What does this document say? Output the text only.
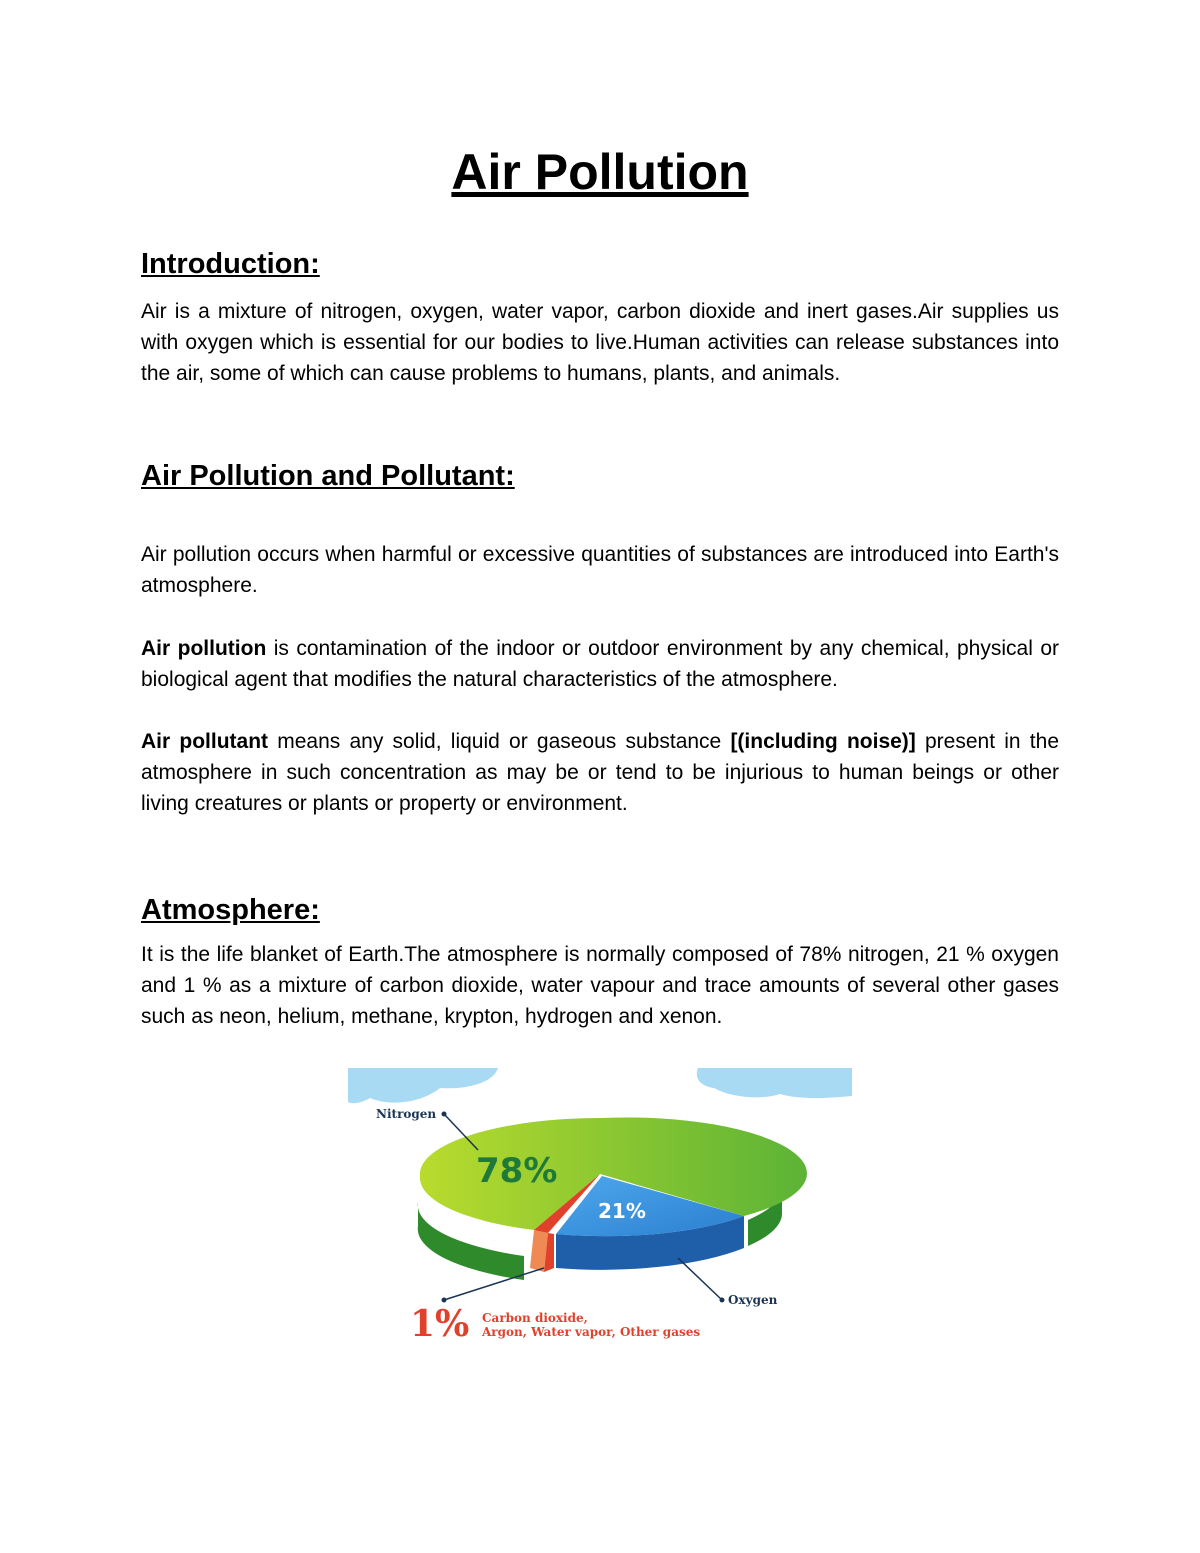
Air Pollution
Introduction:

Air is a mixture of nitrogen, oxygen, water vapor, carbon dioxide and inert gases.Air supplies us with oxygen which is essential for our bodies to live.Human activities can release substances into the air, some of which can cause problems to humans, plants, and animals.

Air Pollution and Pollutant:

Air pollution occurs when harmful or excessive quantities of substances are introduced into Earth's atmosphere.

Air pollution is contamination of the indoor or outdoor environment by any chemical, physical or biological agent that modifies the natural characteristics of the atmosphere.

Air pollutant means any solid, liquid or gaseous substance [(including noise)] present in the atmosphere in such concentration as may be or tend to be injurious to human beings or other living creatures or plants or property or environment.

Atmosphere:

It is the life blanket of Earth.The atmosphere is normally composed of 78% nitrogen, 21 % oxygen and 1 % as a mixture of carbon dioxide, water vapour and trace amounts of several other gases such as neon, helium, methane, krypton, hydrogen and xenon.

Nitrogen
78%
21%
Oxygen
1% Carbon dioxide,
Argon, Water vapor, Other gases
